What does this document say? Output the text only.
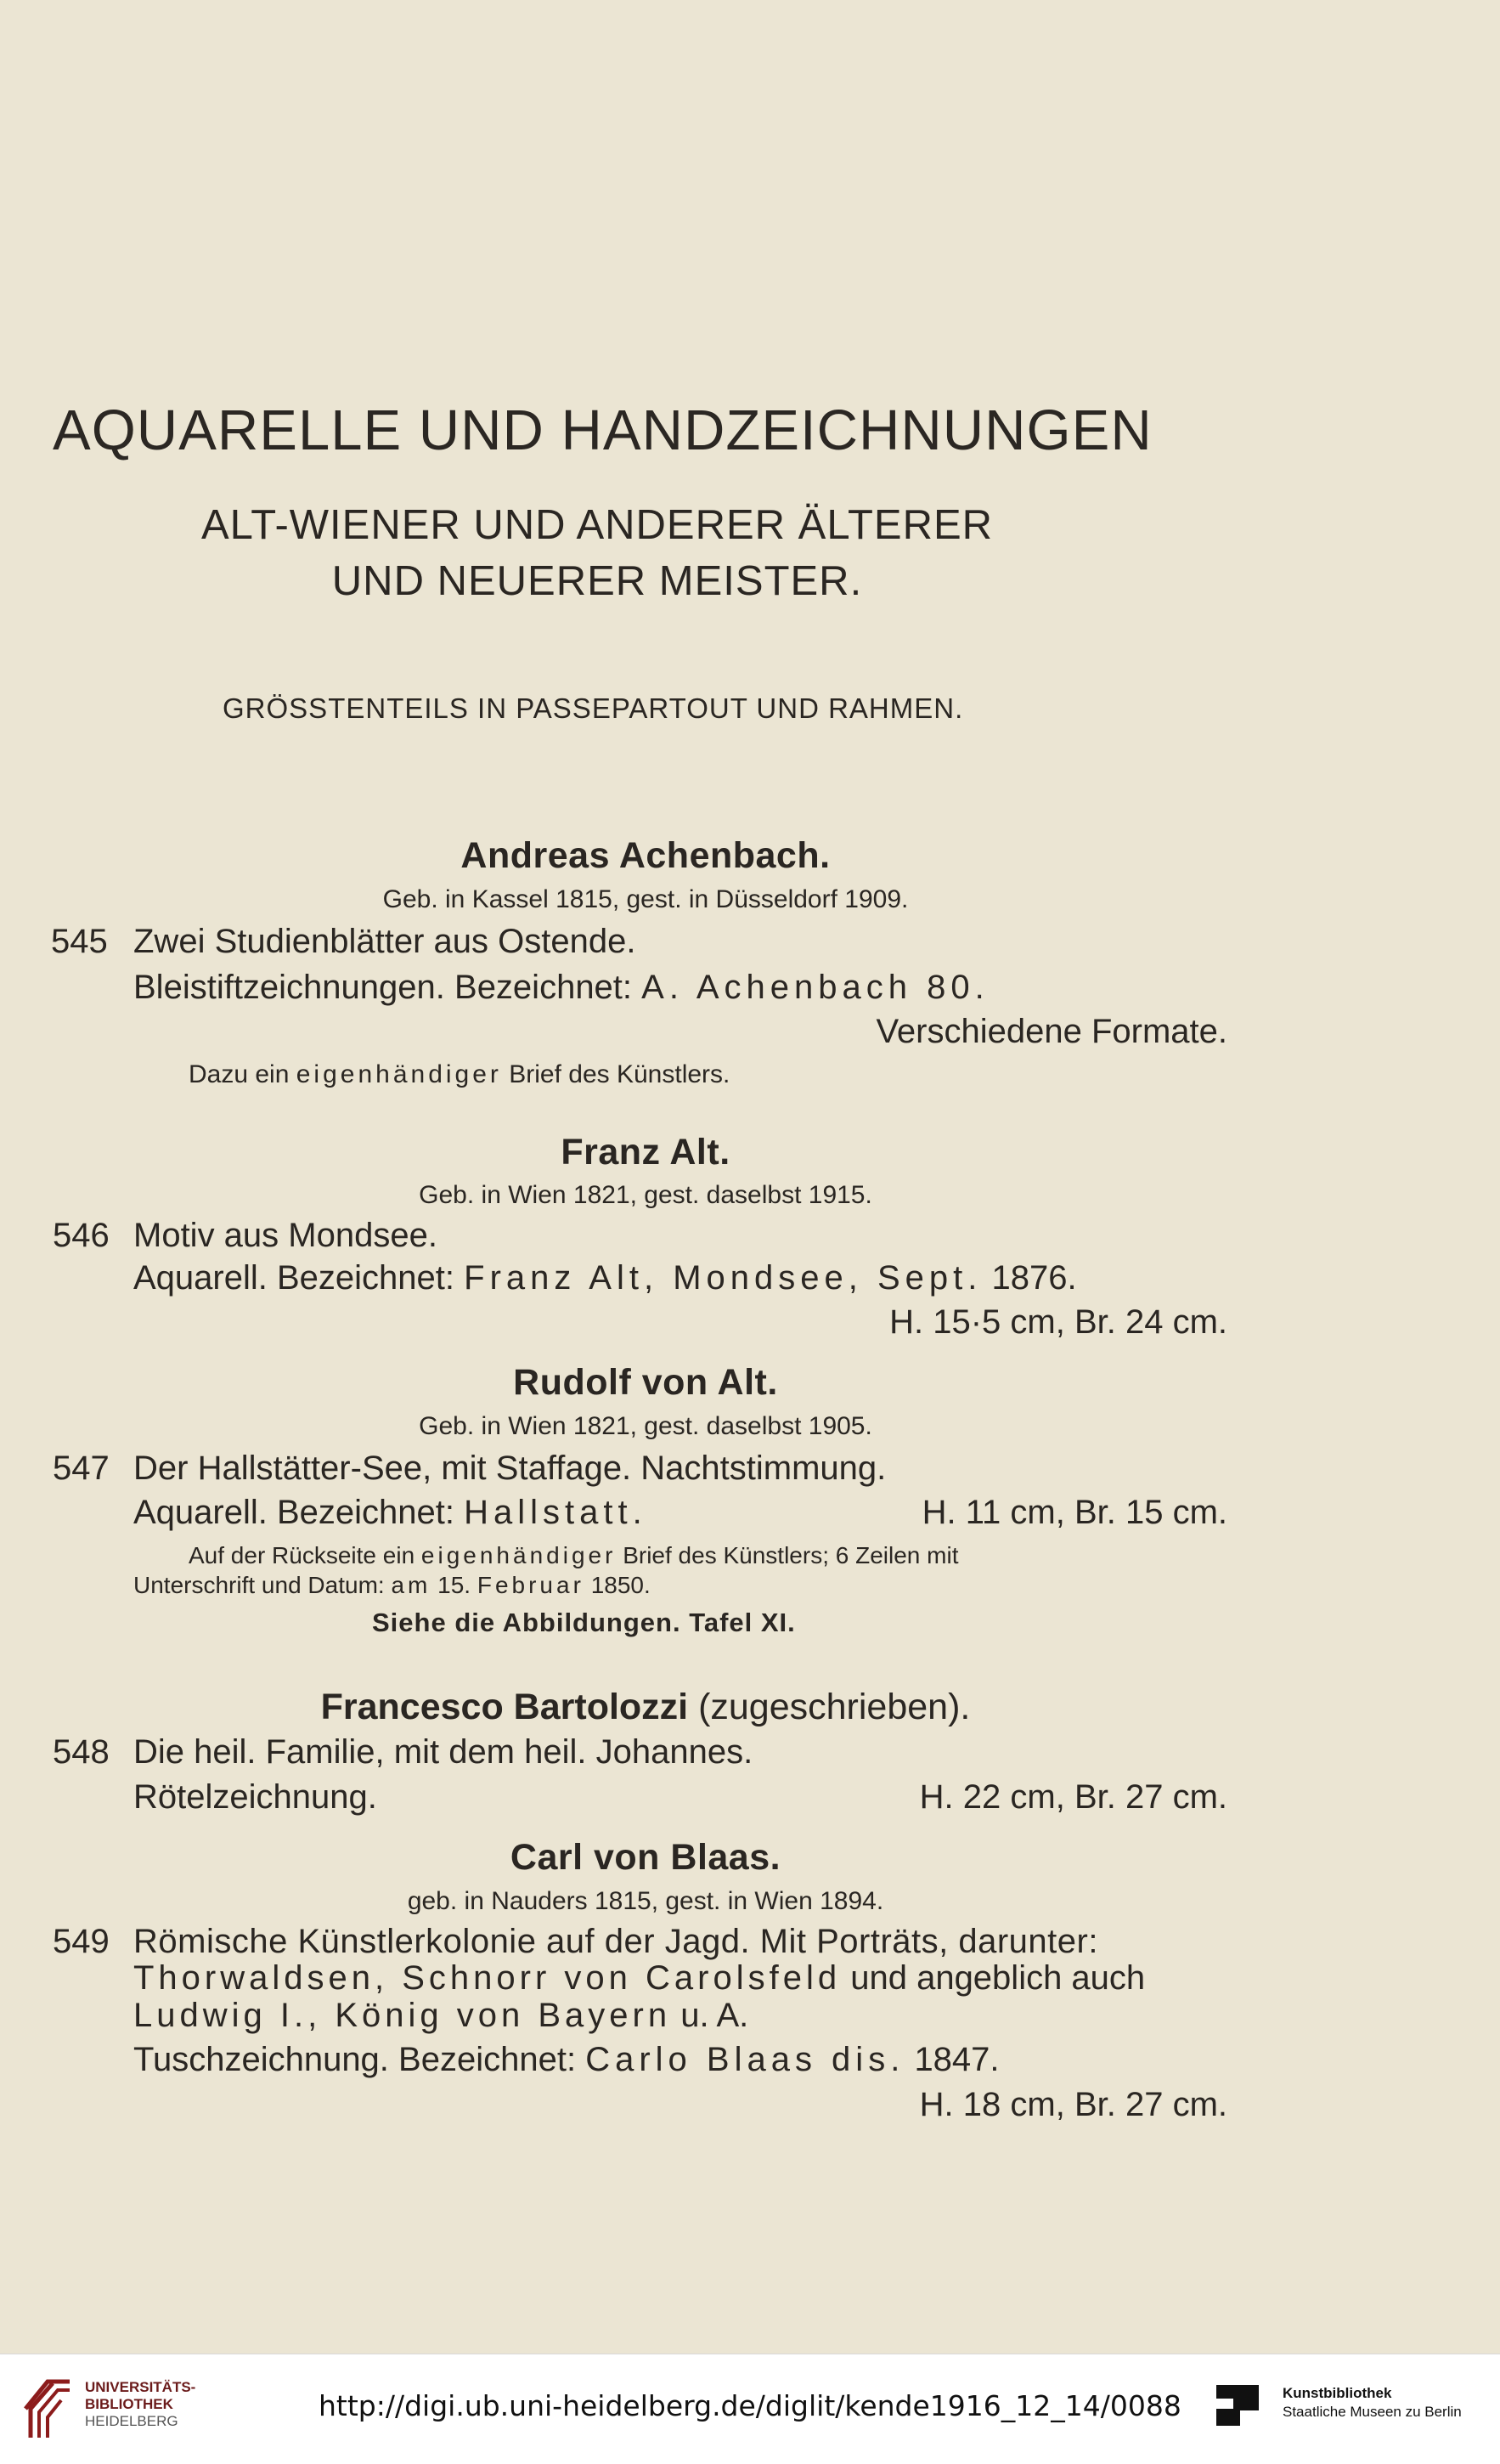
AQUARELLE UND HANDZEICHNUNGEN
ALT-WIENER UND ANDERER ÄLTERER
UND NEUERER MEISTER.
GRÖSSTENTEILS IN PASSEPARTOUT UND RAHMEN.
Andreas Achenbach.
Geb. in Kassel 1815, gest. in Düsseldorf 1909.
545 Zwei Studienblätter aus Ostende.
Bleistiftzeichnungen. Bezeichnet: A. Achenbach 80.
Verschiedene Formate.
Dazu ein eigenhändiger Brief des Künstlers.
Franz Alt.
Geb. in Wien 1821, gest. daselbst 1915.
546 Motiv aus Mondsee.
Aquarell. Bezeichnet: Franz Alt, Mondsee, Sept. 1876.
H. 15·5 cm, Br. 24 cm.
Rudolf von Alt.
Geb. in Wien 1821, gest. daselbst 1905.
547 Der Hallstätter-See, mit Staffage. Nachtstimmung.
Aquarell. Bezeichnet: Hallstatt.	H. 11 cm, Br. 15 cm.
Auf der Rückseite ein eigenhändiger Brief des Künstlers; 6 Zeilen mit
Unterschrift und Datum: am 15. Februar 1850.
Siehe die Abbildungen. Tafel XI.
Francesco Bartolozzi (zugeschrieben).
548 Die heil. Familie, mit dem heil. Johannes.
Rötelzeichnung.	H. 22 cm, Br. 27 cm.
Carl von Blaas.
geb. in Nauders 1815, gest. in Wien 1894.
549 Römische Künstlerkolonie auf der Jagd. Mit Porträts, darunter:
Thorwaldsen, Schnorr von Carolsfeld und angeblich auch
Ludwig I., König von Bayern u. A.
Tuschzeichnung. Bezeichnet: Carlo Blaas dis. 1847.
H. 18 cm, Br. 27 cm.
UNIVERSITÄTS-
BIBLIOTHEK
HEIDELBERG	http://digi.ub.uni-heidelberg.de/diglit/kende1916_12_14/0088	Kunstbibliothek
Staatliche Museen zu Berlin
